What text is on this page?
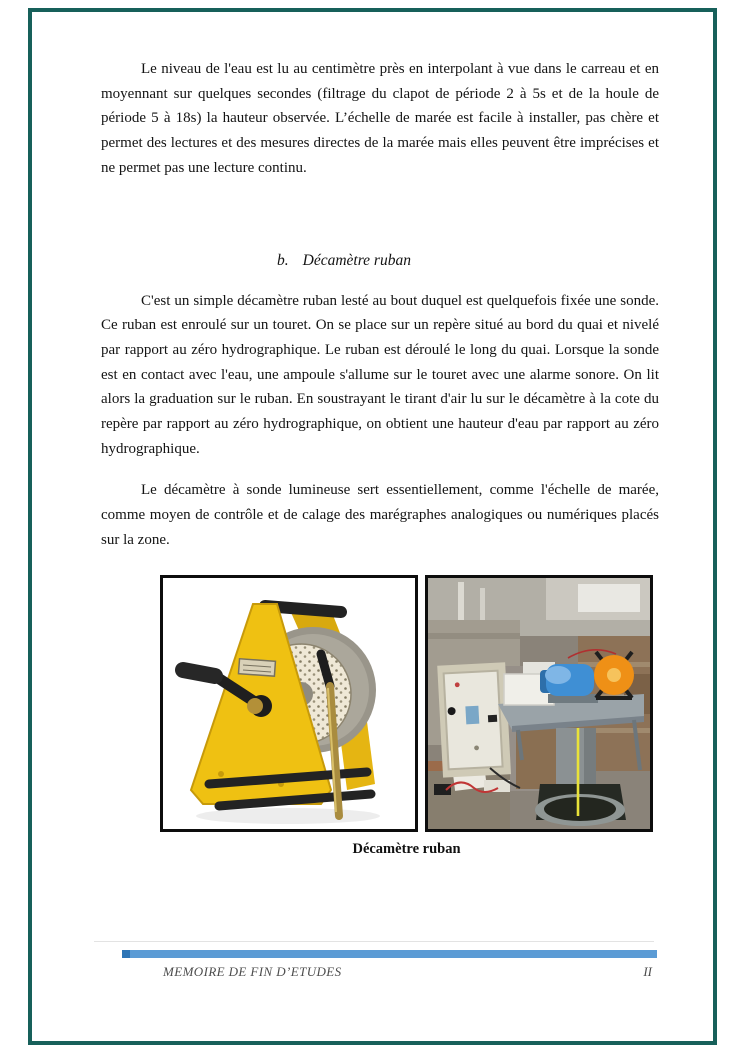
Le niveau de l'eau est lu au centimètre près en interpolant à vue dans le carreau et en moyennant sur quelques secondes (filtrage du clapot de période 2 à 5s et de la houle de période 5 à 18s) la hauteur observée. L’échelle de marée est facile à installer, pas chère et permet des lectures et des mesures directes de la marée mais elles peuvent être imprécises et ne permet pas une lecture continu.

b. Décamètre ruban

C'est un simple décamètre ruban lesté au bout duquel est quelquefois fixée une sonde. Ce ruban est enroulé sur un touret. On se place sur un repère situé au bord du quai et nivelé par rapport au zéro hydrographique. Le ruban est déroulé le long du quai. Lorsque la sonde est en contact avec l'eau, une ampoule s'allume sur le touret avec une alarme sonore. On lit alors la graduation sur le ruban. En soustrayant le tirant d'air lu sur le décamètre à la cote du repère par rapport au zéro hydrographique, on obtient une hauteur d'eau par rapport au zéro hydrographique.

Le décamètre à sonde lumineuse sert essentiellement, comme l'échelle de marée, comme moyen de contrôle et de calage des marégraphes analogiques ou numériques placés sur la zone.

Décamètre ruban
MEMOIRE DE FIN D’ETUDES	II
